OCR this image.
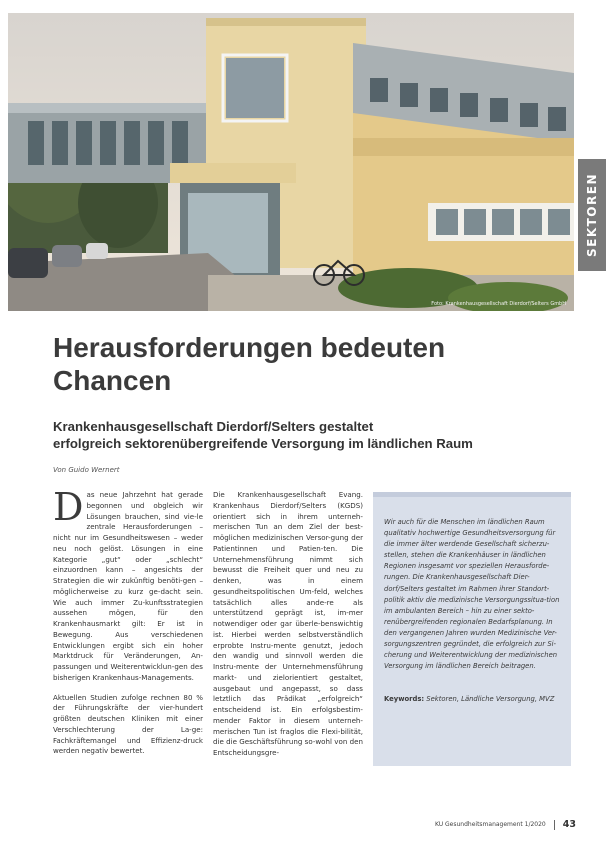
Foto: Krankenhausgesellschaft Dierdorf/Selters GmbH
SEKTOREN
Herausforderungen bedeuten
Chancen
Krankenhausgesellschaft Dierdorf/Selters gestaltet
erfolgreich sektorenübergreifende Versorgung im ländlichen Raum
Von Guido Wernert

Das neue Jahrzehnt hat gerade begonnen und obgleich wir Lösungen brauchen, sind vie-le zentrale Herausforderungen – nicht nur im Gesundheitswesen – weder neu noch gelöst. Lösungen in eine Kategorie „gut“ oder „schlecht“ einzuordnen kann – angesichts der Strategien die wir zukünftig benöti-gen – möglicherweise zu kurz ge-dacht sein. Wie auch immer Zu-kunftsstrategien aussehen mögen, für den Krankenhausmarkt gilt: Er ist in Bewegung. Aus verschiedenen Entwicklungen ergibt sich ein hoher Marktdruck für Veränderungen, An-passungen und Weiterentwicklun-gen des bisherigen Krankenhaus-Managements.

Aktuellen Studien zufolge rechnen 80 % der Führungskräfte der vier-hundert größten deutschen Kliniken mit einer Verschlechterung der La-ge: Fachkräftemangel und Effizienz-druck werden negativ bewertet.

Die Krankenhausgesellschaft Evang. Krankenhaus Dierdorf/Selters (KGDS) orientiert sich in ihrem unterneh-merischen Tun an dem Ziel der best-möglichen medizinischen Versor-gung der Patientinnen und Patien-ten. Die Unternehmensführung nimmt sich bewusst die Freiheit quer und neu zu denken, was in einem gesundheitspolitischen Um-feld, welches tatsächlich alles ande-re als unterstützend geprägt ist, im-mer notwendiger oder gar überle-benswichtig ist. Hierbei werden selbstverständlich erprobte Instru-mente genutzt, jedoch den wandig und sinnvoll werden die Instru-mente der Unternehmensführung markt- und zielorientiert gestaltet, ausgebaut und angepasst, so dass letztlich das Prädikat „erfolgreich“ entscheidend ist. Ein erfolgsbestim-mender Faktor in diesem unterneh-merischen Tun ist fraglos die Flexi-bilität, die die Geschäftsführung so-wohl von den Entscheidungsgre-

Wir auch für die Menschen im ländlichen Raum qualitativ hochwertige Gesundheitsversorgung für die immer älter werdende Gesellschaft sicherzu-stellen, stehen die Krankenhäuser in ländlichen Regionen insgesamt vor speziellen Herausforde-rungen. Die Krankenhausgesellschaft Dier-dorf/Selters gestaltet im Rahmen ihrer Standort-politik aktiv die medizinische Versorgungssitua-tion im ambulanten Bereich – hin zu einer sekto-renübergreifenden regionalen Bedarfsplanung. In den vergangenen Jahren wurden Medizinische Ver-sorgungszentren gegründet, die erfolgreich zur Si-cherung und Weiterentwicklung der medizinischen Versorgung im ländlichen Bereich beitragen.

Keywords: Sektoren, Ländliche Versorgung, MVZ

KU Gesundheitsmanagement 1/2020 43
